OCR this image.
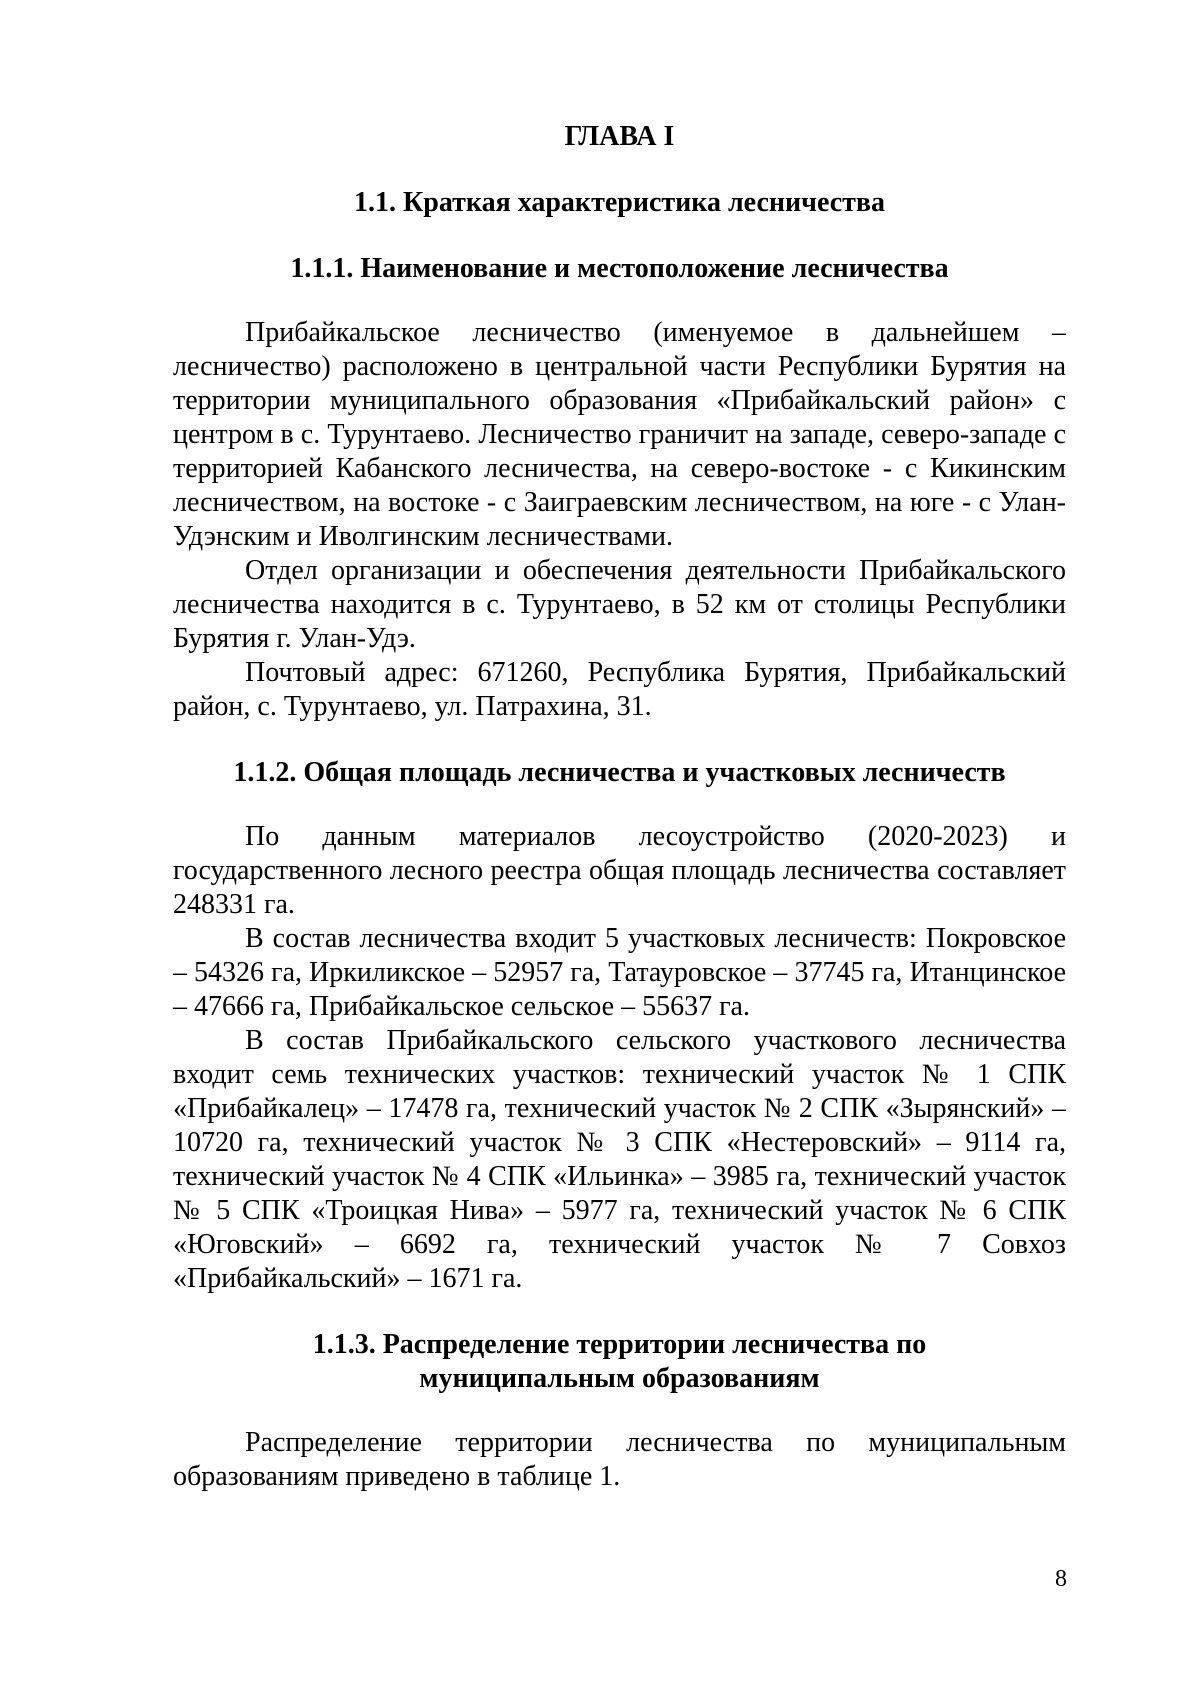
ГЛАВА I
1.1. Краткая характеристика лесничества
1.1.1. Наименование и местоположение лесничества

Прибайкальское лесничество (именуемое в дальнейшем – лесничество) расположено в центральной части Республики Бурятия на территории муниципального образования «Прибайкальский район» с центром в с. Турунтаево. Лесничество граничит на западе, северо-западе с территорией Кабанского лесничества, на северо-востоке - с Кикинским лесничеством, на востоке - с Заиграевским лесничеством, на юге - с Улан-Удэнским и Иволгинским лесничествами.

Отдел организации и обеспечения деятельности Прибайкальского лесничества находится в с. Турунтаево, в 52 км от столицы Республики Бурятия г. Улан-Удэ.

Почтовый адрес: 671260, Республика Бурятия, Прибайкальский район, с. Турунтаево, ул. Патрахина, 31.

1.1.2. Общая площадь лесничества и участковых лесничеств

По данным материалов лесоустройство (2020-2023) и государственного лесного реестра общая площадь лесничества составляет 248331 га.

В состав лесничества входит 5 участковых лесничеств: Покровское – 54326 га, Иркиликское – 52957 га, Татауровское – 37745 га, Итанцинское – 47666 га, Прибайкальское сельское – 55637 га.

В состав Прибайкальского сельского участкового лесничества входит семь технических участков: технический участок № 1 СПК «Прибайкалец» – 17478 га, технический участок № 2 СПК «Зырянский» – 10720 га, технический участок № 3 СПК «Нестеровский» – 9114 га, технический участок № 4 СПК «Ильинка» – 3985 га, технический участок № 5 СПК «Троицкая Нива» – 5977 га, технический участок № 6 СПК «Юговский» – 6692 га, технический участок № 7 Совхоз «Прибайкальский» – 1671 га.

1.1.3. Распределение территории лесничества по
муниципальным образованиям

Распределение территории лесничества по муниципальным образованиям приведено в таблице 1.

8
